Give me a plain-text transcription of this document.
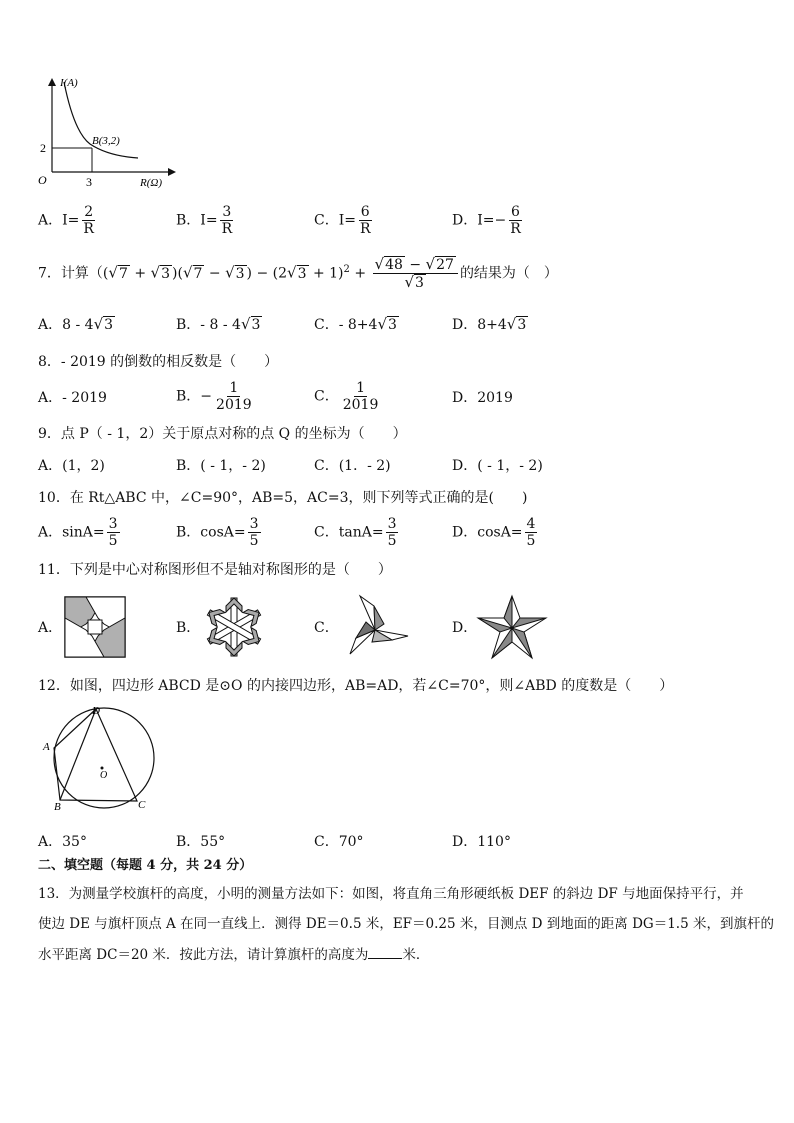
I(A)
R(Ω)
O
B(3,2)
2
3
A．$I= \frac{2}{R}$	B．$I= \frac{3}{R}$	C．$I= \frac{6}{R}$	D．$I=- \frac{6}{R}$
7．计算（(√7 + √3 )(√7 − √3 ) − $(2√3 + 1)^2 + \frac{√48 - √27}{√3}$ 的结果为（　）
A．8 - 4√3	B．- 8 - 4√3	C．- 8+4√3	D．8+4√3
8．- 2019 的倒数的相反数是（　　）
A．- 2019	B．− $\frac{1}{2019}$	C． $\frac{1}{2019}$	D．2019
9．点 P（ - 1，2）关于原点对称的点 Q 的坐标为（　　）
A．(1，2)	B．( - 1，- 2)	C．(1．- 2)	D．( - 1，- 2)
10．在 Rt△ABC 中，∠C=90°，AB=5，AC=3，则下列等式正确的是(　　)
A．$\sin A= \frac{3}{5}$	B．$\cos A= \frac{3}{5}$	C．$\tan A= \frac{3}{5}$	D．$\cos A= \frac{4}{5}$
11．下列是中心对称图形但不是轴对称图形的是（　　）
A．	B．	C．	D．
12．如图，四边形 ABCD 是⊙O 的内接四边形，AB=AD，若∠C=70°，则∠ABD 的度数是（　　）
D
A
B	C
O
A．35°	B．55°	C．70°	D．110°
二、填空题（每题 4 分，共 24 分）
13．为测量学校旗杆的高度，小明的测量方法如下：如图，将直角三角形硬纸板 DEF 的斜边 DF 与地面保持平行，并
使边 DE 与旗杆顶点 A 在同一直线上．测得 DE＝0.5 米，EF＝0.25 米，目测点 D 到地面的距离 DG＝1.5 米，到旗杆的
水平距离 DC＝20 米．按此方法，请计算旗杆的高度为	米．
